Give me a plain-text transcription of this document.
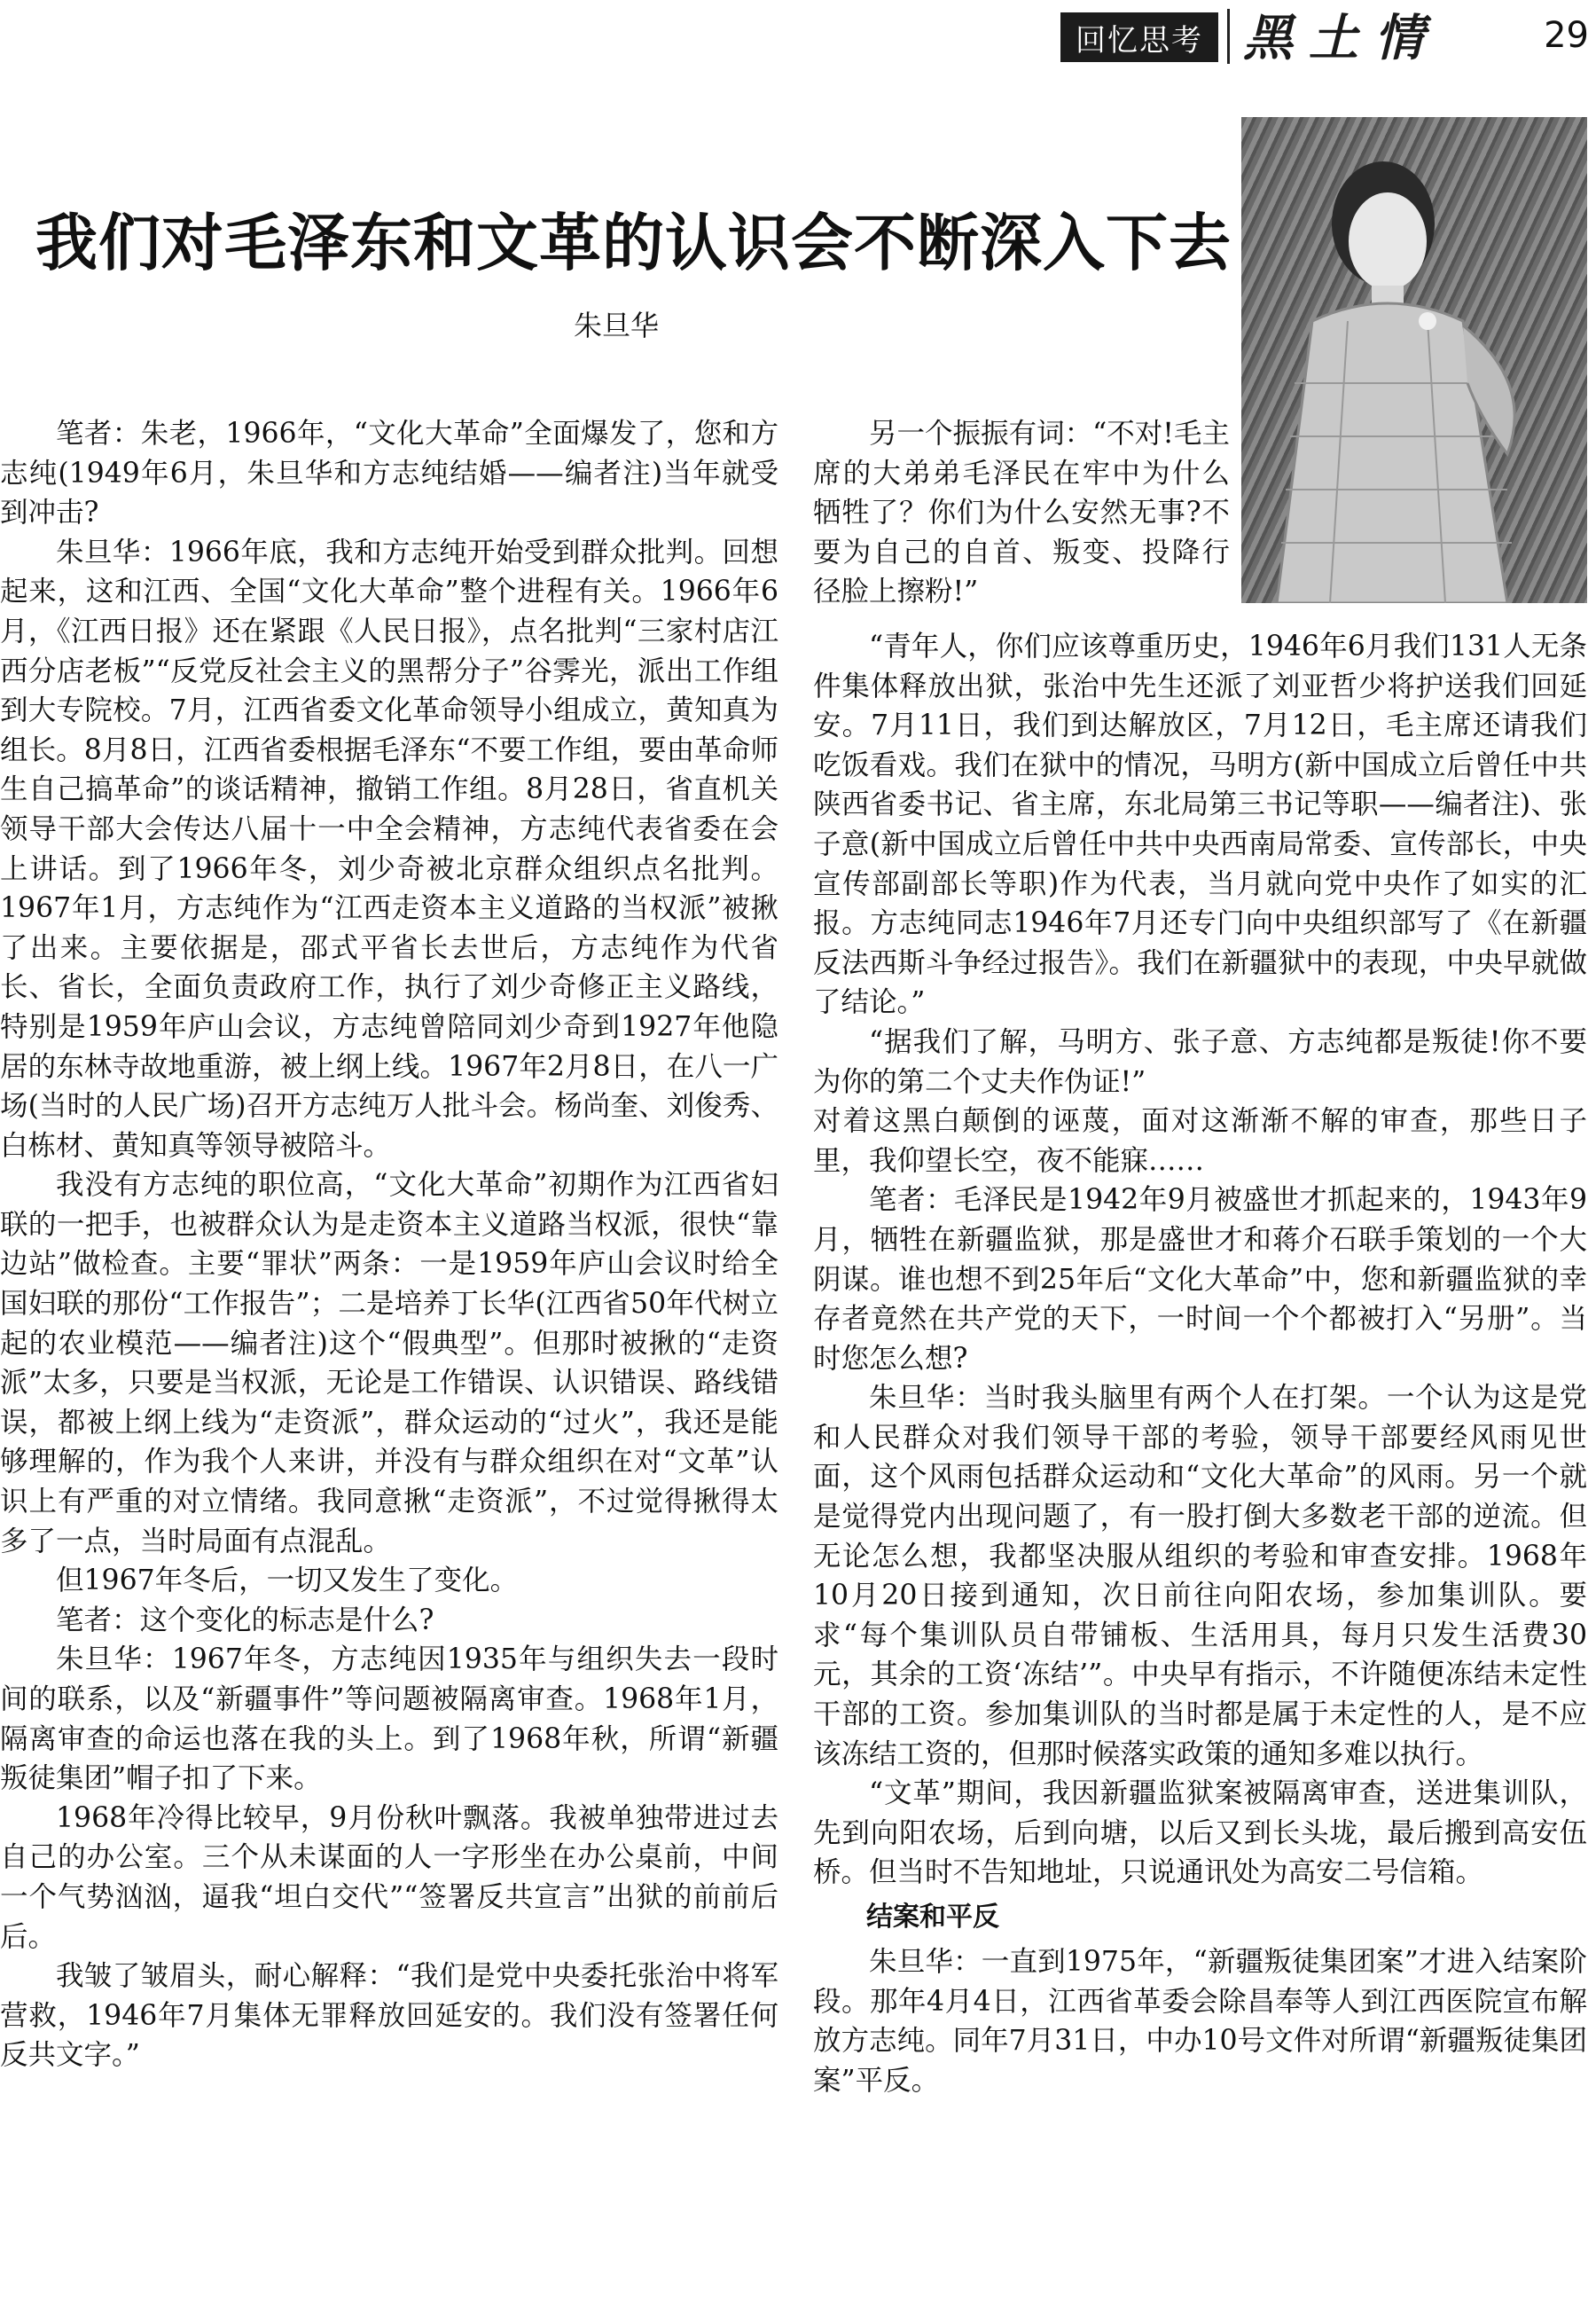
回忆思考 黑土情	29
我们对毛泽东和文革的认识会不断深入下去
朱旦华

笔者：朱老，1966年，“文化大革命”全面爆发了，您和方志纯(1949年6月，朱旦华和方志纯结婚——编者注)当年就受到冲击?

朱旦华：1966年底，我和方志纯开始受到群众批判。回想起来，这和江西、全国“文化大革命”整个进程有关。1966年6月，《江西日报》还在紧跟《人民日报》，点名批判“三家村店江西分店老板”“反党反社会主义的黑帮分子”谷霁光，派出工作组到大专院校。7月，江西省委文化革命领导小组成立，黄知真为组长。8月8日，江西省委根据毛泽东“不要工作组，要由革命师生自己搞革命”的谈话精神，撤销工作组。8月28日，省直机关领导干部大会传达八届十一中全会精神，方志纯代表省委在会上讲话。到了1966年冬，刘少奇被北京群众组织点名批判。1967年1月，方志纯作为“江西走资本主义道路的当权派”被揪了出来。主要依据是，邵式平省长去世后，方志纯作为代省长、省长，全面负责政府工作，执行了刘少奇修正主义路线，特别是1959年庐山会议，方志纯曾陪同刘少奇到1927年他隐居的东林寺故地重游，被上纲上线。1967年2月8日，在八一广场(当时的人民广场)召开方志纯万人批斗会。杨尚奎、刘俊秀、白栋材、黄知真等领导被陪斗。

我没有方志纯的职位高，“文化大革命”初期作为江西省妇联的一把手，也被群众认为是走资本主义道路当权派，很快“靠边站”做检查。主要“罪状”两条：一是1959年庐山会议时给全国妇联的那份“工作报告”；二是培养丁长华(江西省50年代树立起的农业模范——编者注)这个“假典型”。但那时被揪的“走资派”太多，只要是当权派，无论是工作错误、认识错误、路线错误，都被上纲上线为“走资派”，群众运动的“过火”，我还是能够理解的，作为我个人来讲，并没有与群众组织在对“文革”认识上有严重的对立情绪。我同意揪“走资派”，不过觉得揪得太多了一点，当时局面有点混乱。

但1967年冬后，一切又发生了变化。

笔者：这个变化的标志是什么?

朱旦华：1967年冬，方志纯因1935年与组织失去一段时间的联系，以及“新疆事件”等问题被隔离审查。1968年1月，隔离审查的命运也落在我的头上。到了1968年秋，所谓“新疆叛徒集团”帽子扣了下来。

1968年冷得比较早，9月份秋叶飘落。我被单独带进过去自己的办公室。三个从未谋面的人一字形坐在办公桌前，中间一个气势汹汹，逼我“坦白交代”“签署反共宣言”出狱的前前后后。

我皱了皱眉头，耐心解释：“我们是党中央委托张治中将军营救，1946年7月集体无罪释放回延安的。我们没有签署任何反共文字。”

另一个振振有词：“不对!毛主席的大弟弟毛泽民在牢中为什么牺牲了？你们为什么安然无事?不要为自己的自首、叛变、投降行径脸上擦粉!”

“青年人，你们应该尊重历史，1946年6月我们131人无条件集体释放出狱，张治中先生还派了刘亚哲少将护送我们回延安。7月11日，我们到达解放区，7月12日，毛主席还请我们吃饭看戏。我们在狱中的情况，马明方(新中国成立后曾任中共陕西省委书记、省主席，东北局第三书记等职——编者注)、张子意(新中国成立后曾任中共中央西南局常委、宣传部长，中央宣传部副部长等职)作为代表，当月就向党中央作了如实的汇报。方志纯同志1946年7月还专门向中央组织部写了《在新疆反法西斯斗争经过报告》。我们在新疆狱中的表现，中央早就做了结论。”

“据我们了解，马明方、张子意、方志纯都是叛徒!你不要为你的第二个丈夫作伪证!”

对着这黑白颠倒的诬蔑，面对这渐渐不解的审查，那些日子里，我仰望长空，夜不能寐……

笔者：毛泽民是1942年9月被盛世才抓起来的，1943年9月，牺牲在新疆监狱，那是盛世才和蒋介石联手策划的一个大阴谋。谁也想不到25年后“文化大革命”中，您和新疆监狱的幸存者竟然在共产党的天下，一时间一个个都被打入“另册”。当时您怎么想?

朱旦华：当时我头脑里有两个人在打架。一个认为这是党和人民群众对我们领导干部的考验，领导干部要经风雨见世面，这个风雨包括群众运动和“文化大革命”的风雨。另一个就是觉得党内出现问题了，有一股打倒大多数老干部的逆流。但无论怎么想，我都坚决服从组织的考验和审查安排。1968年10月20日接到通知，次日前往向阳农场，参加集训队。要求“每个集训队员自带铺板、生活用具，每月只发生活费30元，其余的工资‘冻结’”。中央早有指示，不许随便冻结未定性干部的工资。参加集训队的当时都是属于未定性的人，是不应该冻结工资的，但那时候落实政策的通知多难以执行。

“文革”期间，我因新疆监狱案被隔离审查，送进集训队，先到向阳农场，后到向塘，以后又到长头垅，最后搬到高安伍桥。但当时不告知地址，只说通讯处为高安二号信箱。

结案和平反

朱旦华：一直到1975年，“新疆叛徒集团案”才进入结案阶段。那年4月4日，江西省革委会除昌奉等人到江西医院宣布解放方志纯。同年7月31日，中办10号文件对所谓“新疆叛徒集团案”平反。
